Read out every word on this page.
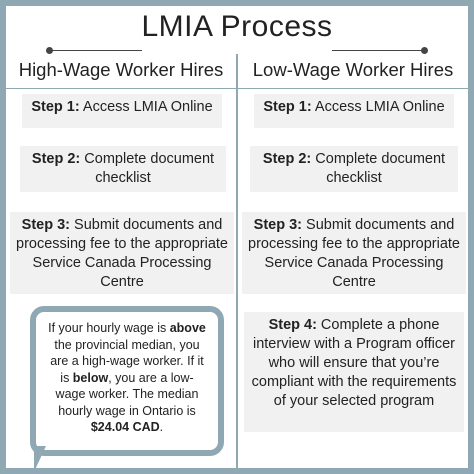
LMIA Process
High-Wage Worker Hires	Low-Wage Worker Hires
Step 1: Access LMIA Online
Step 2: Complete document checklist
Step 3: Submit documents and processing fee to the appropriate Service Canada Processing Centre
Step 1: Access LMIA Online
Step 2: Complete document checklist
Step 3: Submit documents and processing fee to the appropriate Service Canada Processing Centre
Step 4: Complete a phone interview with a Program officer who will ensure that you’re compliant with the requirements of your selected program
If your hourly wage is above the provincial median, you are a high-wage worker. If it is below, you are a low-wage worker. The median hourly wage in Ontario is $24.04 CAD.
